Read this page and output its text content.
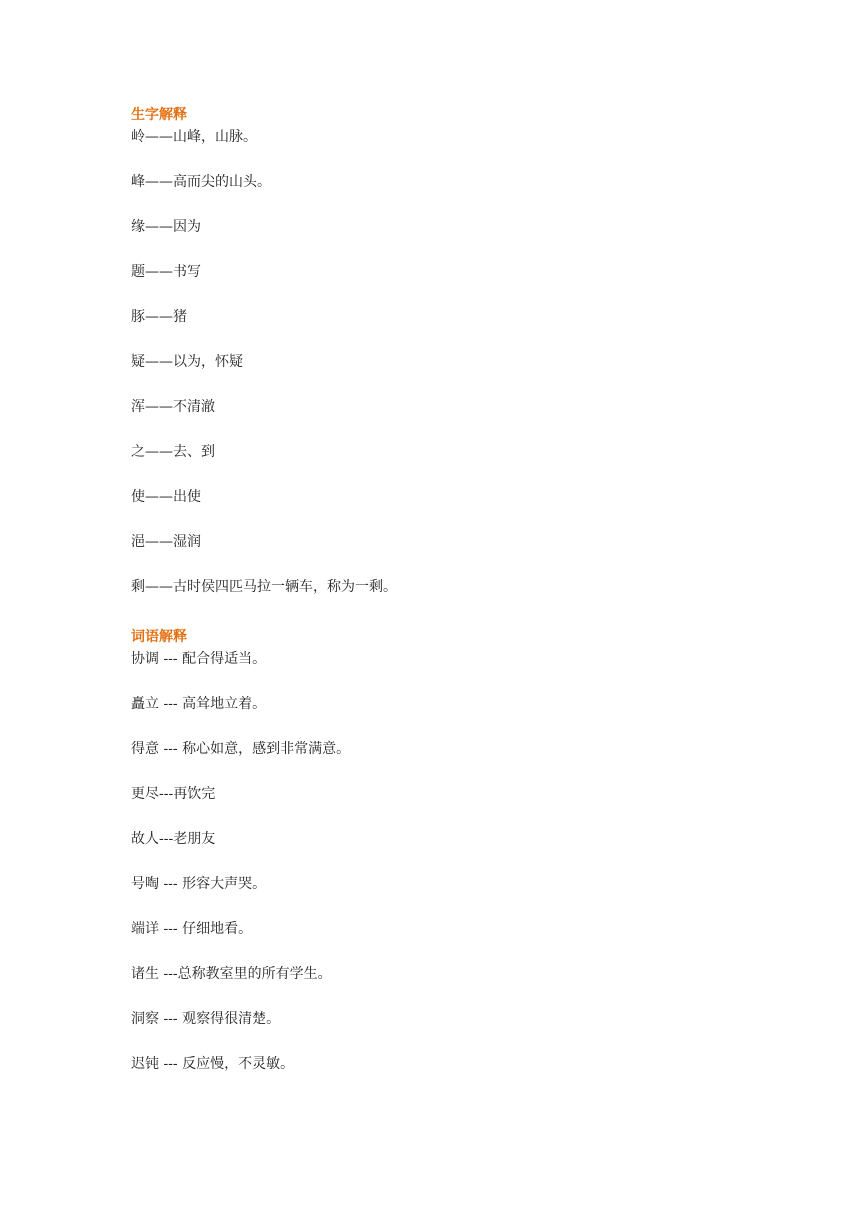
生字解释

岭——山峰，山脉。

峰——高而尖的山头。

缘——因为

题——书写

豚——猪

疑——以为，怀疑

浑——不清澈

之——去、到

使——出使

浥——湿润

剩——古时侯四匹马拉一辆车，称为一剩。

词语解释

协调 --- 配合得适当。

矗立 --- 高耸地立着。

得意 --- 称心如意，感到非常满意。

更尽---再饮完

故人---老朋友

号啕 --- 形容大声哭。

端详 --- 仔细地看。

诸生 ---总称教室里的所有学生。

洞察 --- 观察得很清楚。

迟钝 --- 反应慢，不灵敏。
